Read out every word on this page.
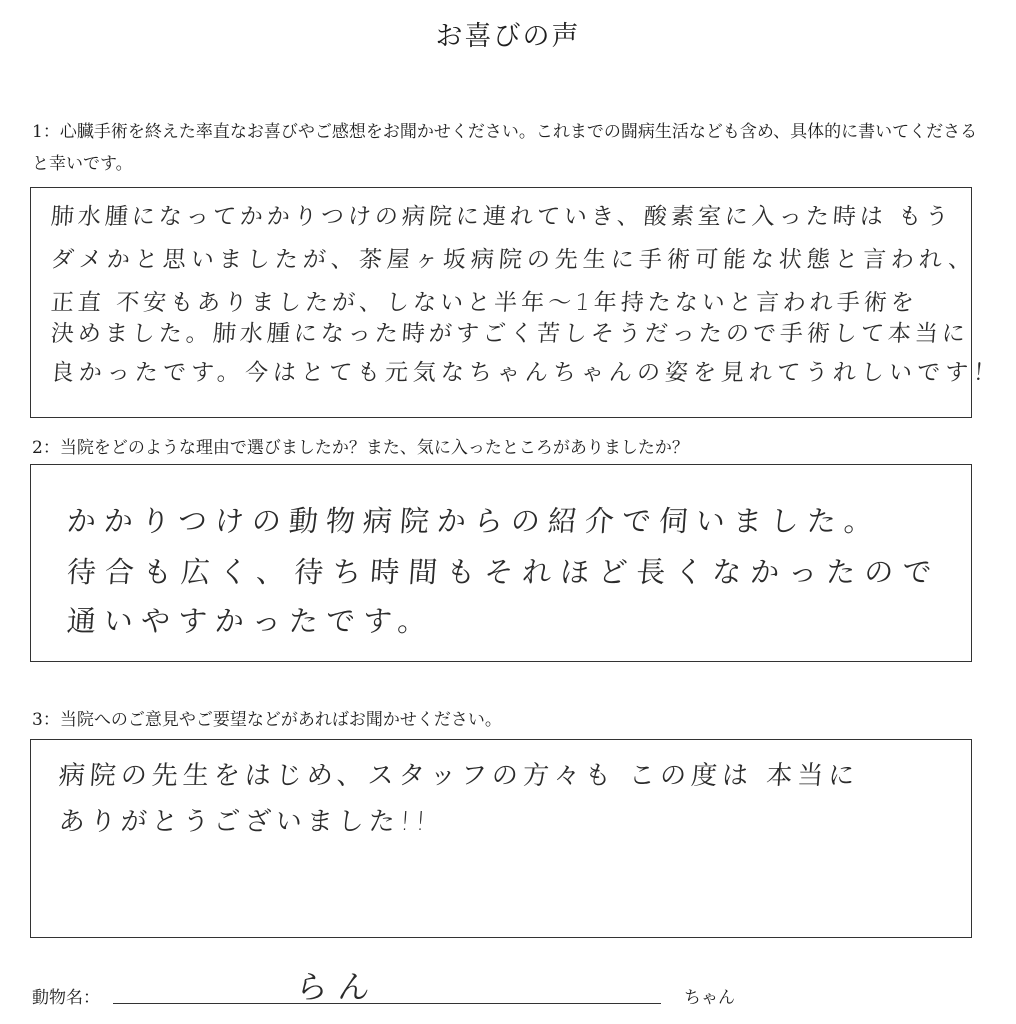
お喜びの声
1：心臓手術を終えた率直なお喜びやご感想をお聞かせください。これまでの闘病生活なども含め、具体的に書いてくださると幸いです。
肺水腫になってかかりつけの病院に連れていき、酸素室に入った時は もう
ダメかと思いましたが、茶屋ヶ坂病院の先生に手術可能な状態と言われ、
正直 不安もありましたが、しないと半年〜1年持たないと言われ手術を
決めました。肺水腫になった時がすごく苦しそうだったので手術して本当に
良かったです。今はとても元気なちゃんちゃんの姿を見れてうれしいです！
2：当院をどのような理由で選びましたか？また、気に入ったところがありましたか？
かかりつけの動物病院からの紹介で伺いました。
待合も広く、待ち時間もそれほど長くなかったので
通いやすかったです。
3：当院へのご意見やご要望などがあればお聞かせください。
病院の先生をはじめ、スタッフの方々も この度は 本当に
ありがとうございました!!
動物名：	らん	ちゃん
